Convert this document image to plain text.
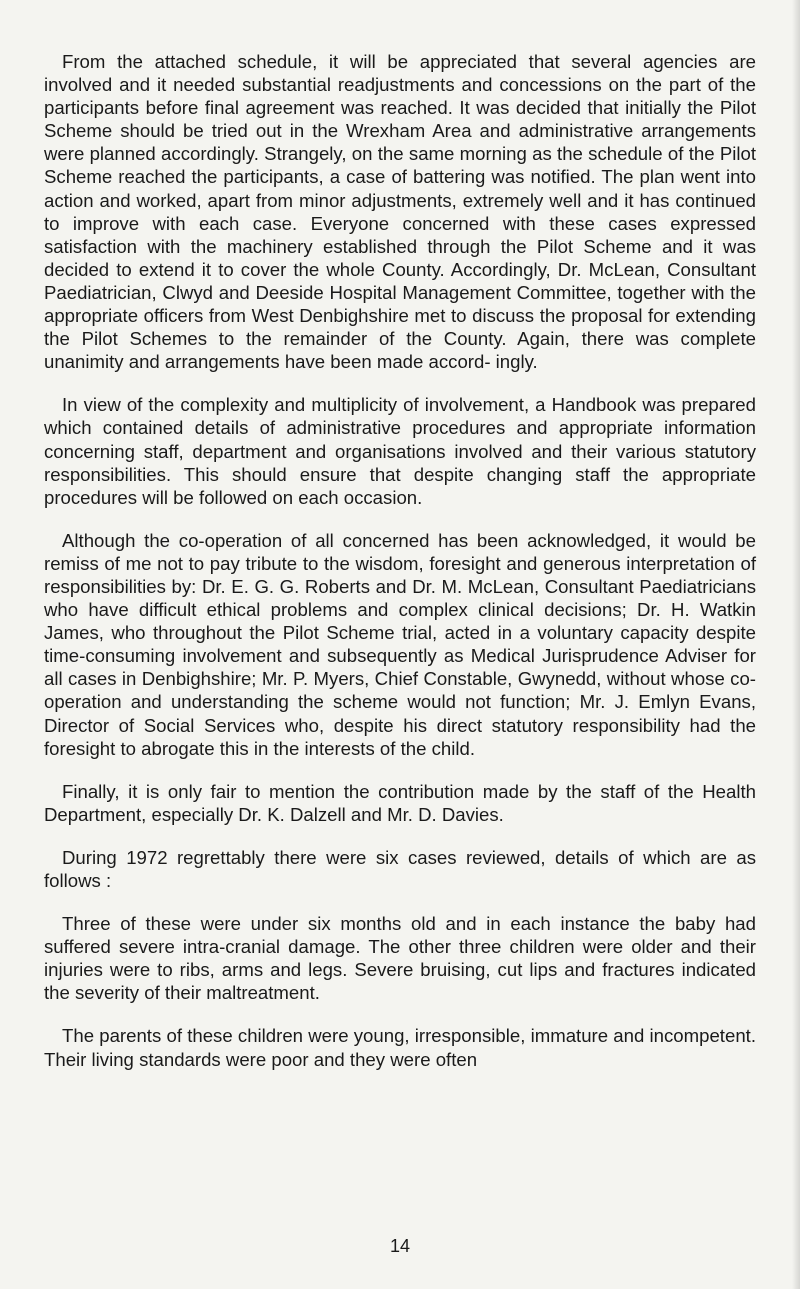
From the attached schedule, it will be appreciated that several agencies are involved and it needed substantial readjustments and concessions on the part of the participants before final agreement was reached. It was decided that initially the Pilot Scheme should be tried out in the Wrexham Area and administrative arrangements were planned accordingly. Strangely, on the same morning as the schedule of the Pilot Scheme reached the participants, a case of battering was notified. The plan went into action and worked, apart from minor adjustments, extremely well and it has continued to improve with each case. Everyone concerned with these cases expressed satisfaction with the machinery established through the Pilot Scheme and it was decided to extend it to cover the whole County. Accordingly, Dr. McLean, Consultant Paediatrician, Clwyd and Deeside Hospital Management Committee, together with the appropriate officers from West Denbighshire met to discuss the proposal for extending the Pilot Schemes to the remainder of the County. Again, there was complete unanimity and arrangements have been made accord- ingly.

In view of the complexity and multiplicity of involvement, a Handbook was prepared which contained details of administrative procedures and appropriate information concerning staff, department and organisations involved and their various statutory responsibilities. This should ensure that despite changing staff the appropriate procedures will be followed on each occasion.

Although the co-operation of all concerned has been acknowledged, it would be remiss of me not to pay tribute to the wisdom, foresight and generous interpretation of responsibilities by: Dr. E. G. G. Roberts and Dr. M. McLean, Consultant Paediatricians who have difficult ethical problems and complex clinical decisions; Dr. H. Watkin James, who throughout the Pilot Scheme trial, acted in a voluntary capacity despite time-consuming involvement and subsequently as Medical Jurisprudence Adviser for all cases in Denbighshire; Mr. P. Myers, Chief Constable, Gwynedd, without whose co-operation and understanding the scheme would not function; Mr. J. Emlyn Evans, Director of Social Services who, despite his direct statutory responsibility had the foresight to abrogate this in the interests of the child.

Finally, it is only fair to mention the contribution made by the staff of the Health Department, especially Dr. K. Dalzell and Mr. D. Davies.

During 1972 regrettably there were six cases reviewed, details of which are as follows :

Three of these were under six months old and in each instance the baby had suffered severe intra-cranial damage. The other three children were older and their injuries were to ribs, arms and legs. Severe bruising, cut lips and fractures indicated the severity of their maltreatment.

The parents of these children were young, irresponsible, immature and incompetent. Their living standards were poor and they were often

14
